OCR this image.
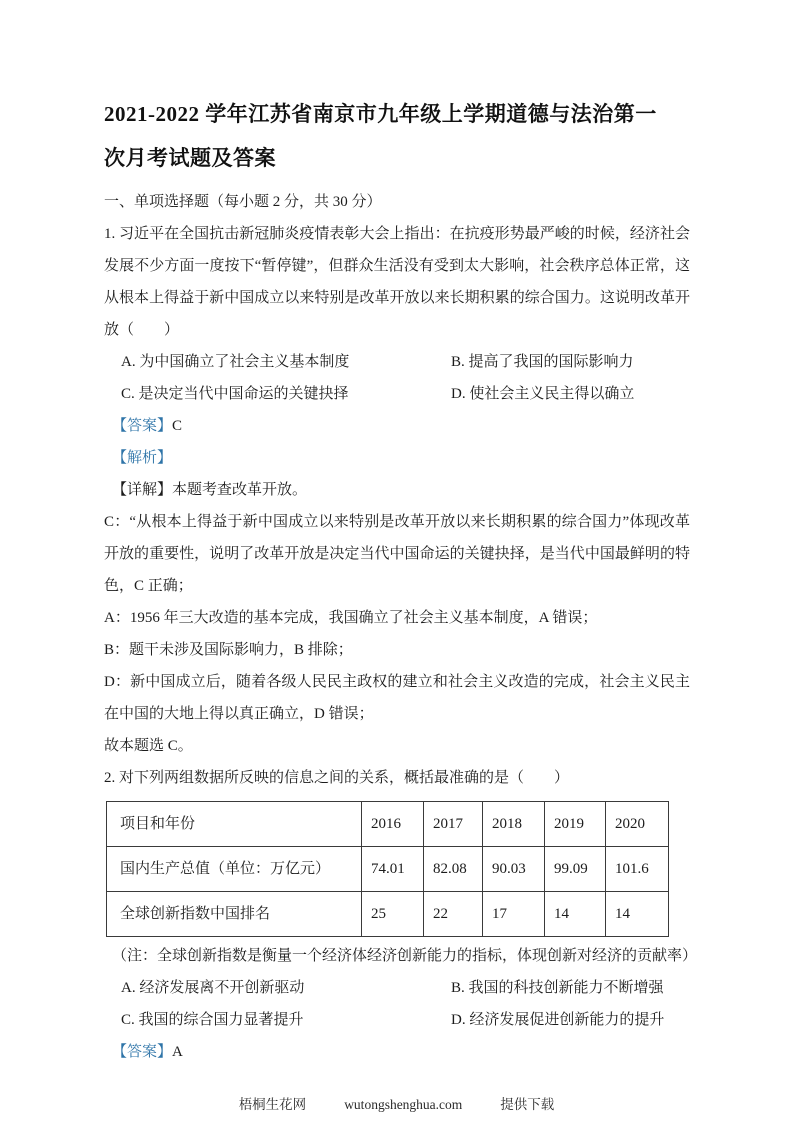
2021-2022 学年江苏省南京市九年级上学期道德与法治第一
次月考试题及答案

一、单项选择题（每小题 2 分，共 30 分）

1. 习近平在全国抗击新冠肺炎疫情表彰大会上指出：在抗疫形势最严峻的时候，经济社会发展不少方面一度按下“暂停键”，但群众生活没有受到太大影响，社会秩序总体正常，这从根本上得益于新中国成立以来特别是改革开放以来长期积累的综合国力。这说明改革开放（　　）

A. 为中国确立了社会主义基本制度	B. 提高了我国的国际影响力
C. 是决定当代中国命运的关键抉择	D. 使社会主义民主得以确立

【答案】C

【解析】

【详解】本题考查改革开放。

C：“从根本上得益于新中国成立以来特别是改革开放以来长期积累的综合国力”体现改革开放的重要性，说明了改革开放是决定当代中国命运的关键抉择，是当代中国最鲜明的特色，C 正确；

A：1956 年三大改造的基本完成，我国确立了社会主义基本制度，A 错误；

B：题干未涉及国际影响力，B 排除；

D：新中国成立后，随着各级人民民主政权的建立和社会主义改造的完成，社会主义民主在中国的大地上得以真正确立，D 错误；

故本题选 C。

2. 对下列两组数据所反映的信息之间的关系，概括最准确的是（　　）

项目和年份	2016	2017	2018	2019	2020
国内生产总值（单位：万亿元）	74.01	82.08	90.03	99.09	101.6
全球创新指数中国排名	25	22	17	14	14

（注：全球创新指数是衡量一个经济体经济创新能力的指标，体现创新对经济的贡献率）

A. 经济发展离不开创新驱动	B. 我国的科技创新能力不断增强
C. 我国的综合国力显著提升	D. 经济发展促进创新能力的提升

【答案】A

梧桐生花网	wutongshenghua.com	提供下载
